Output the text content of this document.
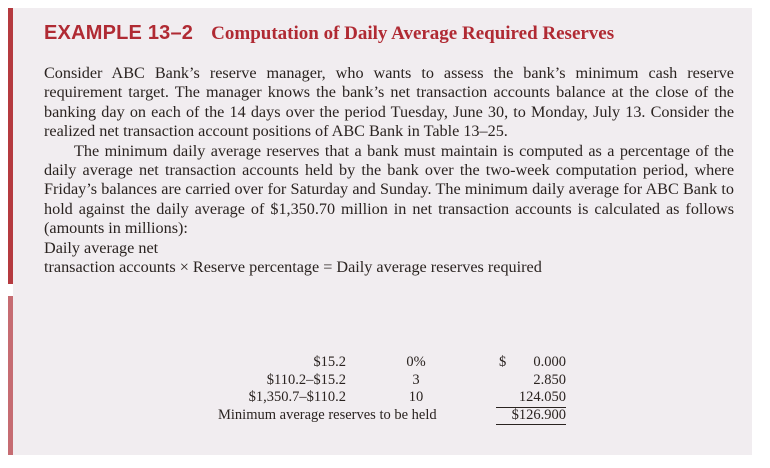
EXAMPLE 13–2 Computation of Daily Average Required Reserves

Consider ABC Bank’s reserve manager, who wants to assess the bank’s minimum cash reserve requirement target. The manager knows the bank’s net transaction accounts balance at the close of the banking day on each of the 14 days over the period Tuesday, June 30, to Monday, July 13. Consider the realized net transaction account positions of ABC Bank in Table 13–25.

The minimum daily average reserves that a bank must maintain is computed as a percentage of the daily average net transaction accounts held by the bank over the two-week computation period, where Friday’s balances are carried over for Saturday and Sunday. The minimum daily average for ABC Bank to hold against the daily average of $1,350.70 million in net transaction accounts is calculated as follows (amounts in millions):

Daily average net

transaction accounts × Reserve percentage = Daily average reserves required

$15.2	0%	$	0.000
$110.2–$15.2	3	2.850
$1,350.7–$110.2	10	124.050
Minimum average reserves to be held	$126.900
